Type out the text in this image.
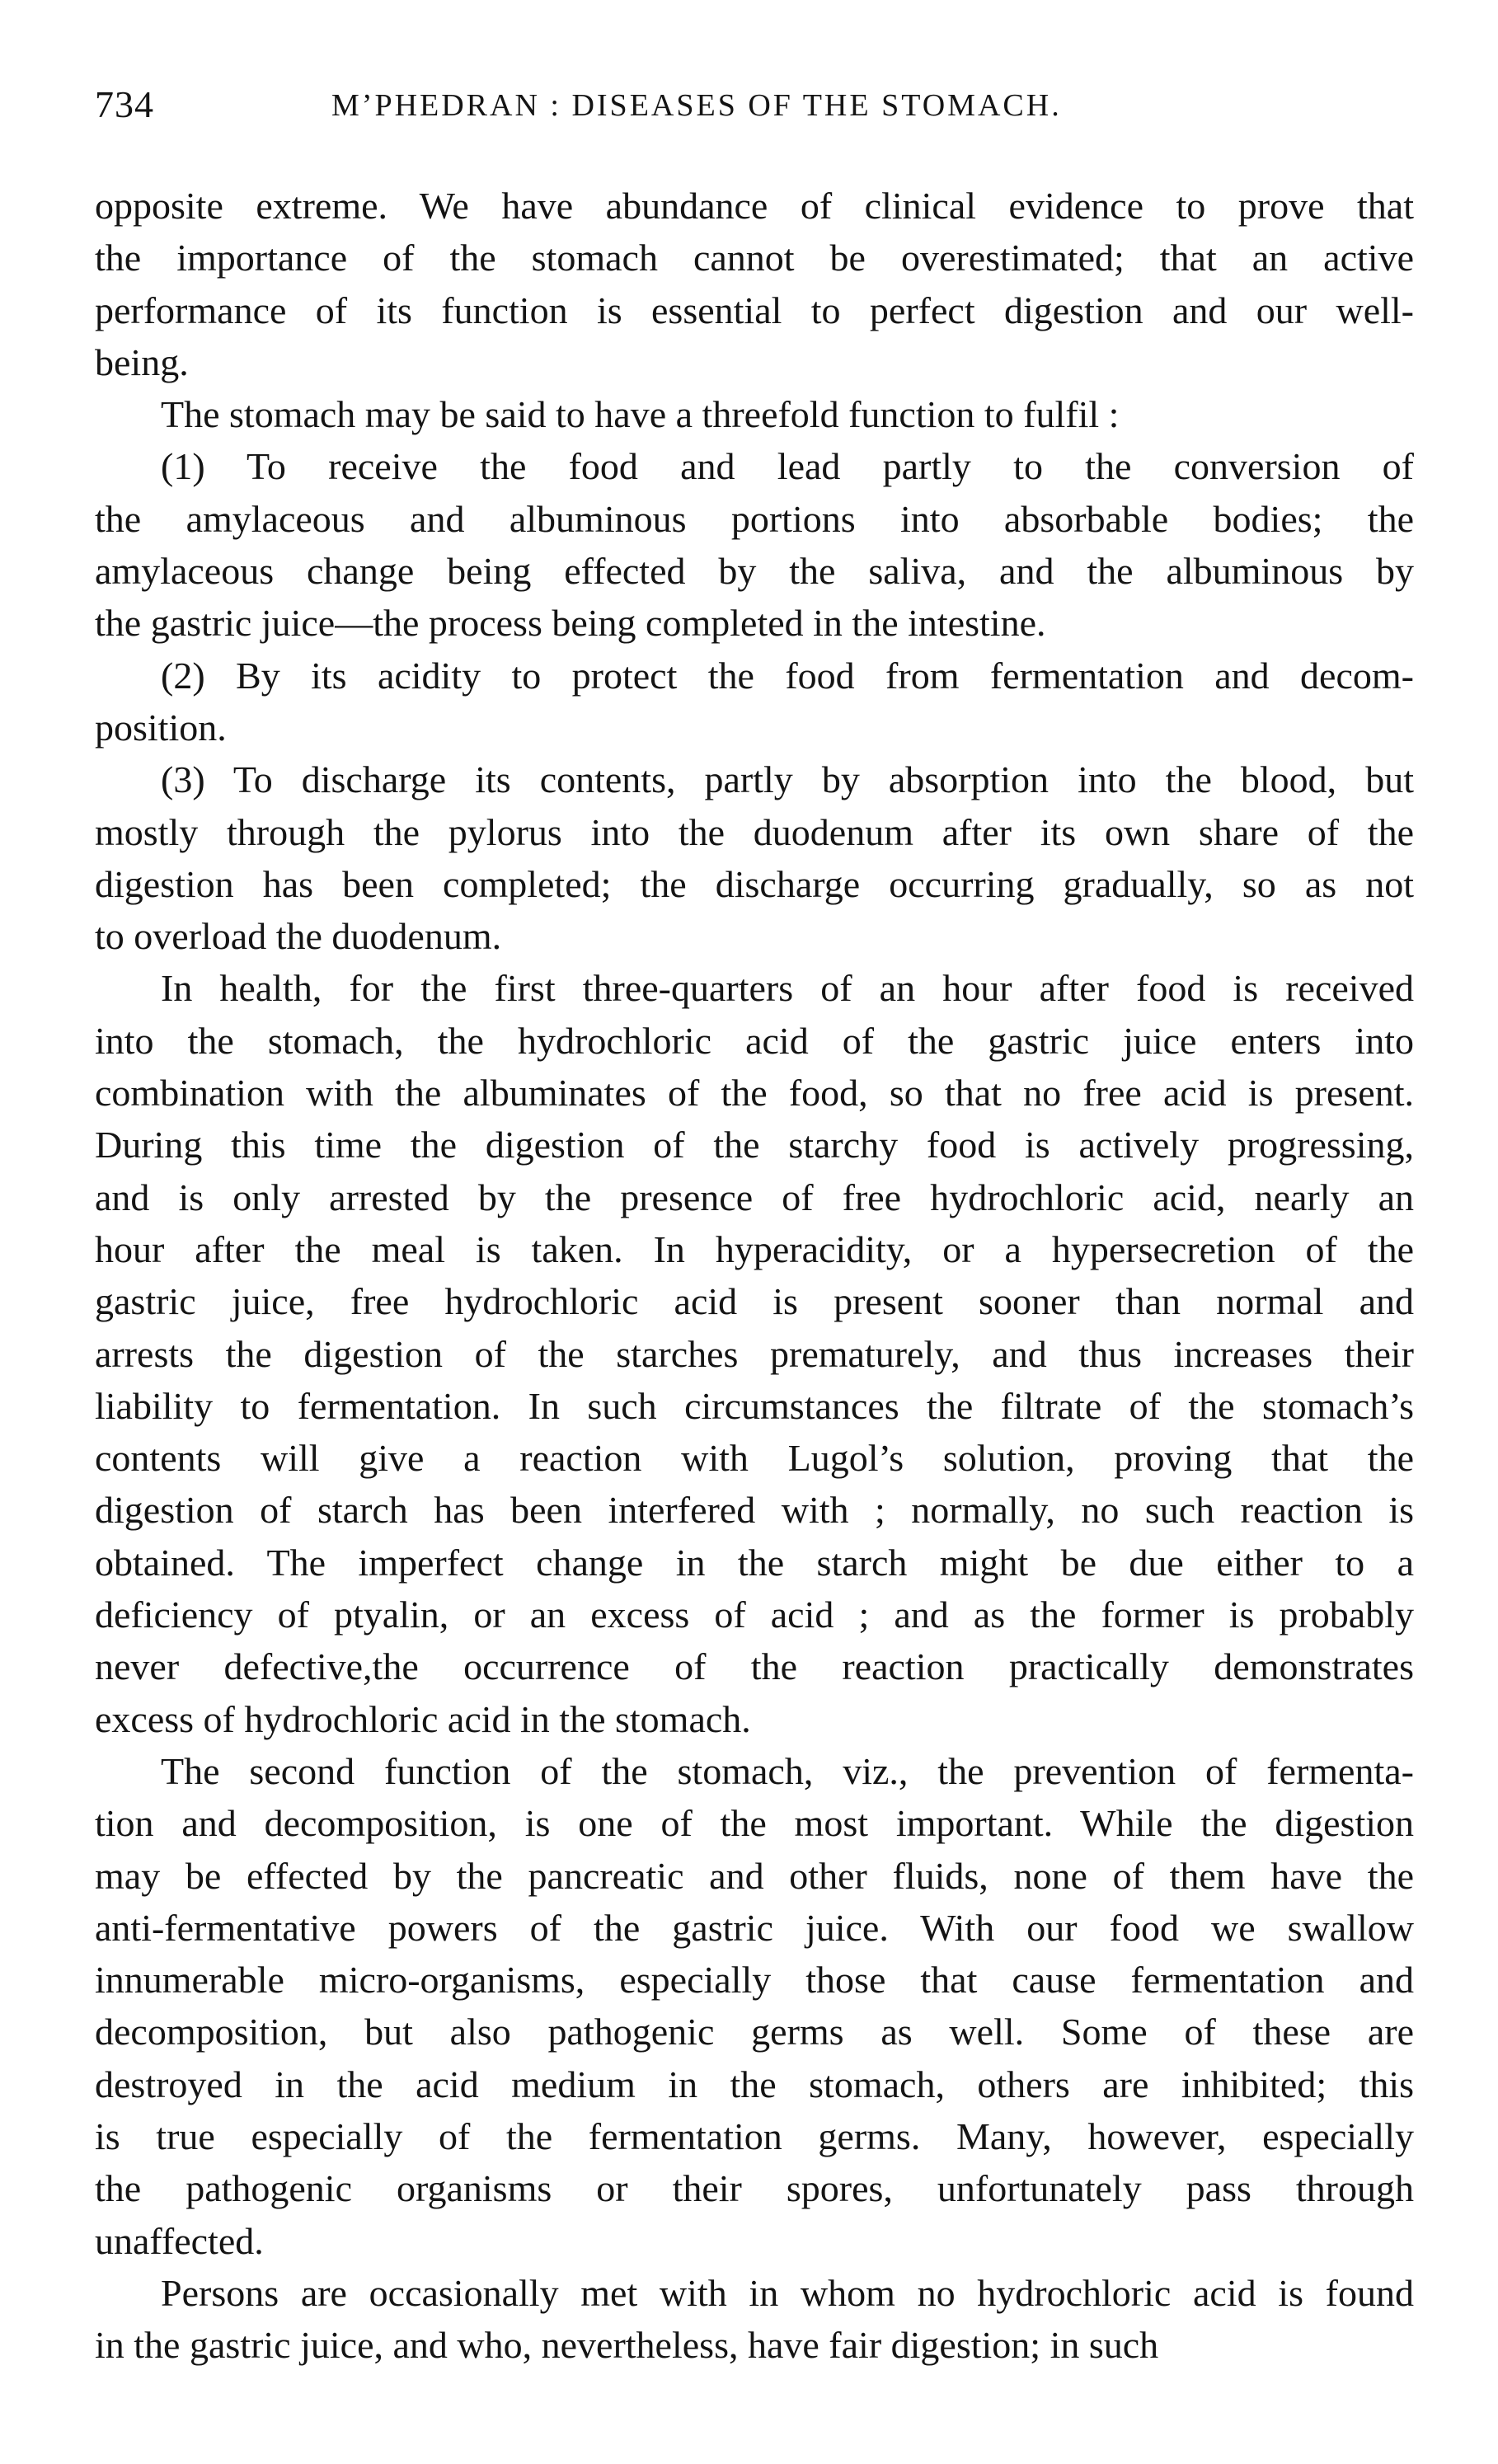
734	M’PHEDRAN : DISEASES OF THE STOMACH.

opposite extreme. We have abundance of clinical evidence to prove that

the importance of the stomach cannot be overestimated; that an active

performance of its function is essential to perfect digestion and our well-

being.

The stomach may be said to have a threefold function to fulfil :

(1) To receive the food and lead partly to the conversion of

the amylaceous and albuminous portions into absorbable bodies; the

amylaceous change being effected by the saliva, and the albuminous by

the gastric juice—the process being completed in the intestine.

(2) By its acidity to protect the food from fermentation and decom-

position.

(3) To discharge its contents, partly by absorption into the blood, but

mostly through the pylorus into the duodenum after its own share of the

digestion has been completed; the discharge occurring gradually, so as not

to overload the duodenum.

In health, for the first three-quarters of an hour after food is received

into the stomach, the hydrochloric acid of the gastric juice enters into

combination with the albuminates of the food, so that no free acid is present.

During this time the digestion of the starchy food is actively progressing,

and is only arrested by the presence of free hydrochloric acid, nearly an

hour after the meal is taken. In hyperacidity, or a hypersecretion of the

gastric juice, free hydrochloric acid is present sooner than normal and

arrests the digestion of the starches prematurely, and thus increases their

liability to fermentation. In such circumstances the filtrate of the stomach’s

contents will give a reaction with Lugol’s solution, proving that the

digestion of starch has been interfered with ; normally, no such reaction is

obtained. The imperfect change in the starch might be due either to a

deficiency of ptyalin, or an excess of acid ; and as the former is probably

never defective,the occurrence of the reaction practically demonstrates

excess of hydrochloric acid in the stomach.

The second function of the stomach, viz., the prevention of fermenta-

tion and decomposition, is one of the most important. While the digestion

may be effected by the pancreatic and other fluids, none of them have the

anti-fermentative powers of the gastric juice. With our food we swallow

innumerable micro-organisms, especially those that cause fermentation and

decomposition, but also pathogenic germs as well. Some of these are

destroyed in the acid medium in the stomach, others are inhibited; this

is true especially of the fermentation germs. Many, however, especially

the pathogenic organisms or their spores, unfortunately pass through

unaffected.

Persons are occasionally met with in whom no hydrochloric acid is found

in the gastric juice, and who, nevertheless, have fair digestion; in such
